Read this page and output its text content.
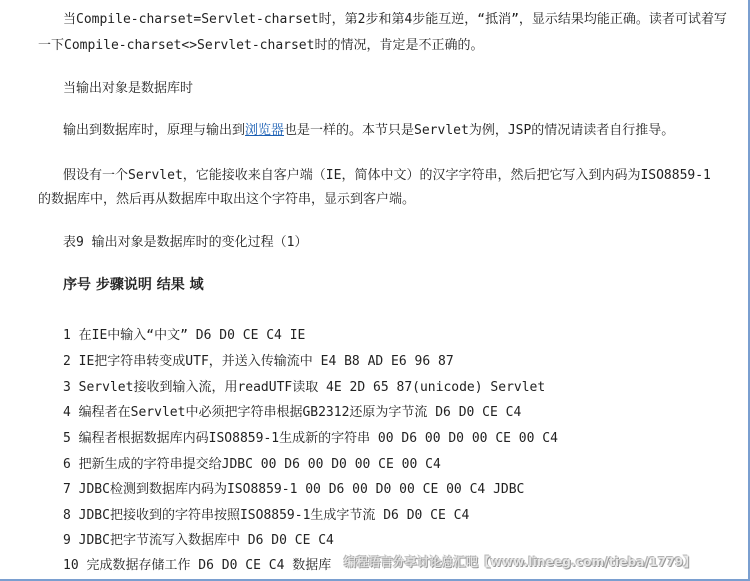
当Compile-charset=Servlet-charset时，第2步和第4步能互逆，“抵消”，显示结果均能正确。读者可试着写
一下Compile-charset<>Servlet-charset时的情况，肯定是不正确的。
当输出对象是数据库时
输出到数据库时，原理与输出到浏览器也是一样的。本节只是Servlet为例，JSP的情况请读者自行推导。
假设有一个Servlet，它能接收来自客户端（IE，简体中文）的汉字字符串，然后把它写入到内码为ISO8859-1
的数据库中，然后再从数据库中取出这个字符串，显示到客户端。
表9 输出对象是数据库时的变化过程（1）
序号 步骤说明 结果 域
1 在IE中输入“中文” D6 D0 CE C4 IE
2 IE把字符串转变成UTF，并送入传输流中 E4 B8 AD E6 96 87
3 Servlet接收到输入流，用readUTF读取 4E 2D 65 87(unicode) Servlet
4 编程者在Servlet中必须把字符串根据GB2312还原为字节流 D6 D0 CE C4
5 编程者根据数据库内码ISO8859-1生成新的字符串 00 D6 00 D0 00 CE 00 C4
6 把新生成的字符串提交给JDBC 00 D6 00 D0 00 CE 00 C4
7 JDBC检测到数据库内码为ISO8859-1 00 D6 00 D0 00 CE 00 C4 JDBC
8 JDBC把接收到的字符串按照ISO8859-1生成字节流 D6 D0 CE C4
9 JDBC把字节流写入数据库中 D6 D0 CE C4
10 完成数据存储工作 D6 D0 CE C4 数据库 编程语言分享讨论总汇吧【www.lineeg.com/tieba/1779】
